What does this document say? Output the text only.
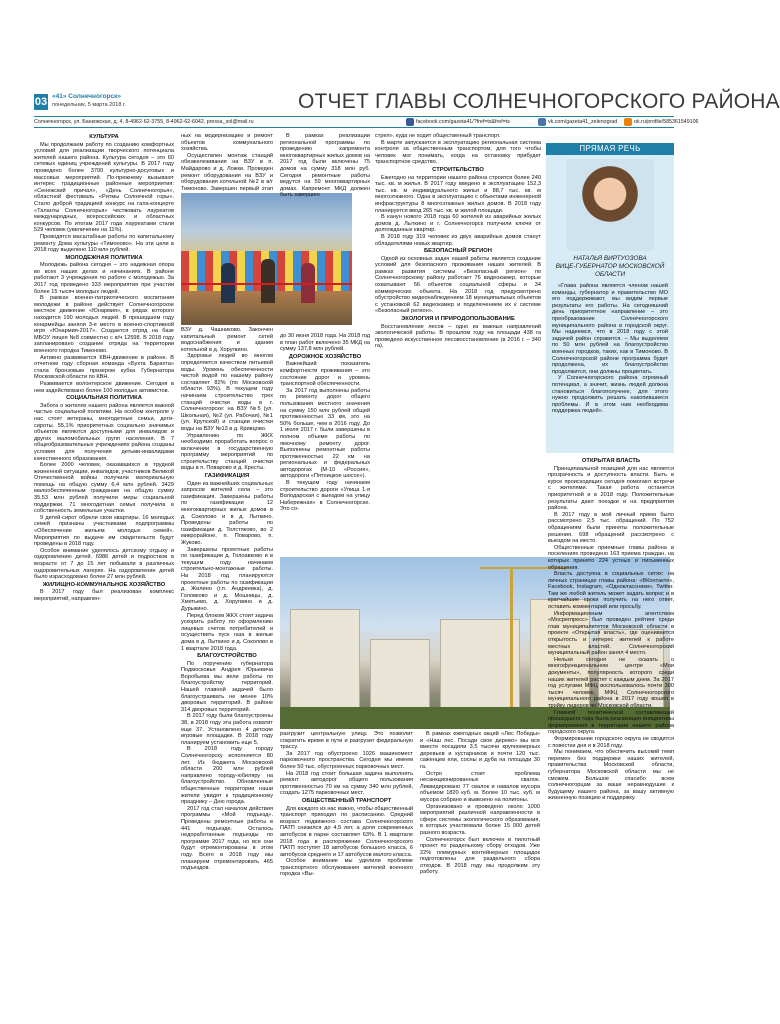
03 «41» Солнечногорск»
понедельник, 5 марта 2018 г.	ОТЧЕТ ГЛАВЫ СОЛНЕЧНОГОРСКОГО РАЙОНА
Солнечногорск, ул. Банковская, д. 4, 8-4962-62-3755, 8-4962-62-6042, pressa_sol@mail.ru	facebook.com/gazeta41/?fref=ts&fref=ts	vk.com/gazeta41_zelenograd	ok.ru/profile/585361549106
КУЛЬТУРА

Мы продолжаем работу по созданию комфортных условий для реализации творческого потенциала жителей нашего района. Культура сегодня – это 60 сетевых единиц учреждений культуры. В 2017 году проведено более 3700 культурно-досуговых и массовых мероприятий. По-прежнему вызывают интерес традиционные районные мероприятия: «Сенежский причал», «День Солнечногорья», областной фестиваль «Ритмы Солнечной горы». Стало доброй традицией конкурс на гала-концерте «Таланты Солнечногорья» чествовать лауреатов международных, всероссийских и областных конкурсов. По итогам 2017 года лауреатами стали 529 человек (увеличение на 11%).

Проводятся масштабные работы по капитальному ремонту Дома культуры «Тимоново». На эти цели в 2018 году выделено 110 млн рублей.

МОЛОДЕЖНАЯ ПОЛИТИКА

Молодежь района сегодня – это надежная опора во всех наших делах и начинаниях. В районе работают 3 учреждения по работе с молодежью. За 2017 год проведено 333 мероприятия при участии более 15 тысяч молодых людей.

В рамках военно-патриотического воспитания молодежи в районе действует Солнечногорское местное движение «Юнармия», в рядах которого находится 190 молодых людей. В прошедшем году юнармейцы заняли 3-е место в военно-спортивной игре «Юнармия-2017». Создается отряд на базе МБОУ лицея №8 совместно с в/ч 12598. В 2018 году запланировано создание отряда на территории военного городка Тимоново.

Активно развивается КВН-движение в районе. В отчетном году сборная команда «Бухта Барахта» стала бронзовым призером кубка Губернатора Московской области по КВН.

Развивается волонтерское движение. Сегодня в нем задействовано более 100 молодых активистов.

СОЦИАЛЬНАЯ ПОЛИТИКА

Забота о жителях нашего района является важной частью социальной политики. На особом контроле у нас стоят ветераны, многодетные семьи, дети-сироты. 55,1% приоритетных социально значимых объектов являются доступными для инвалидов и других маломобильных групп населения. В 7 общеобразовательных учреждениях района созданы условия для получения детьми-инвалидами качественного образования.

Более 2000 человек, оказавшихся в трудной жизненной ситуации, инвалидов, участников Великой Отечественной войны получили материальную помощь на общую сумму 6,4 млн рублей. 3429 малообеспеченным гражданам на общую сумму 35,53 млн рублей получили меры социальной поддержки. 71 многодетная семья получила в собственность земельные участки.

9 детей-сирот обрели свои квартиры. 16 молодых семей признаны участниками подпрограммы «Обеспечение жильем молодых семей». Мероприятия по выдаче им свидетельств будут проведены в 2018 году.

Особое внимание уделялось детскому отдыху и оздоровлению детей. 6986 детей и подростков в возрасте от 7 до 15 лет побывали в различных оздоровительных лагерях. На оздоровление детей было израсходовано более 27 млн рублей.

ЖИЛИЩНО-КОММУНАЛЬНОЕ ХОЗЯЙСТВО

В 2017 году был реализован комплекс мероприятий, направлен-

ных на модернизацию и ремонт объектов коммунального хозяйства.

Осуществлен монтаж станций обезжелезивания на ВЗУ в п. Майдарово и д. Ложки. Проведен ремонт оборудования на ВЗУ и оборудования котельной №2 в в/г Тимоново. Завершен первый этап

ВЗУ д. Чашниково. Закончен капитальный ремонт сетей водоснабжения и здания котельной в д. Хоругвино.

Здоровье людей во многом определяется качеством питьевой воды. Уровень обеспеченности чистой водой по нашему району составляет 82% (по Московской области 93%). В текущем году начинаем строительство трех станций очистки воды в г. Солнечногорске: на ВЗУ №5 (ул. Школьная), №2 (ул. Рабочая), №1 (ул. Крупской) и станции очистки воды на ВЗУ №13 в д. Кривцово.

Управлению по ЖКХ необходимо проработать вопрос о включении в государственную программу мероприятий по строительству станций очистки воды в п. Поварово и д. Кресты.

ГАЗИФИКАЦИЯ

Один из важнейших социальных запросов жителей села – это газификация. Завершены работы по газификации 12 многоквартирных жилых домов в д. Соколово и в д. Лыткино. Проведены работы по газификации д. Толстяково, во 2 микрорайоне, п. Поварово, п. Жуково.

Завершены проектные работы по газификации д. Голоавково и в текущем году начинаем строительно-монтажные работы. На 2018 год планируются проектные работы по газификации д. Жилино (г.п. Андреевка), д. Головково и д. Мошницы, д. Хметьево, д. Хоругвино и д. Дурыкино.

Перед блоком ЖКХ стоит задача ускорить работу по оформлению лицевых счетов потребителей и осуществить пуск газа в жилые дома в д. Лыткино и д. Соколово в 1 квартале 2018 года.

БЛАГОУСТРОЙСТВО

По поручению губернатора Подмосковья Андрея Юрьевича Воробьева мы вели работы по благоустройству территорий. Нашей главной задачей было благоустраивать не менее 10% дворовых территорий. В районе 314 дворовых территорий.

В 2017 году были благоустроены 38, в 2018 году эта работа охватит еще 37. Установлено 4 детские игровые площадки. В 2018 году планируем установить еще 5.

В 2018 году городу Солнечногорску исполняется 80 лет. Из бюджета Московской области 200 млн рублей направлено городу-юбиляру на благоустройство. Обновленные общественные территории наши жители увидят к традиционному празднику – Дню города.

2017 год стал началом действия программы «Мой подъезд». Проведены ремонтные работы в 441 подъезде. Осталось недоработанные подъезды по программе 2017 года, но все они будут отремонтированы в этом году. Всего в 2018 году мы планируем отремонтировать 465 подъездов.

В рамках реализации региональной программы по проведению капремонта многоквартирных жилых домов на 2017 год были включены 75 домов на сумму 318 млн руб. Сегодня ремонтные работы ведутся на 59 многоквартирных домах. Капремонт МКД должен быть завершен

до 30 июня 2018 года. На 2018 год в план работ включено 35 МКД на сумму 137,8 млн рублей.

ДОРОЖНОЕ ХОЗЯЙСТВО

Важнейший показатель комфортности проживания – это состояние дорог и уровень транспортной обеспеченности.

За 2017 год выполнены работы по ремонту дорог общего пользования местного значения на сумму 150 млн рублей общей протяженностью 33 км, это на 50% больше, чем в 2016 году. До 1 июля 2017 г. были завершены в полном объеме работы по ямочному ремонту дорог. Выполнены ремонтные работы протяженностью 22 км на региональных и федеральных автодорогах (М-10 «Россия», автодороги «Пятницкое шоссе»).

В текущем году начинаем строительство дороги «Улица 1-я Володарская с выездом на улицу Набережная» в Солнечногорске. Это со-

стрел», куда не ходит общественный транспорт.

В марте запускается в эксплуатацию региональная система контроля за общественным транспортом, для того чтобы человек мог понимать, когда на остановку прибудет транспортное средство.

СТРОИТЕЛЬСТВО

Ежегодно на территории нашего района строится более 240 тыс. кв. м жилья. В 2017 году введено в эксплуатацию 152,3 тыс. кв. м индивидуального жилья и 88,7 тыс. кв. м многоэтажного. Одна в эксплуатацию с объектами инженерной инфраструктуры 8 многоэтажных жилых домов. В 2018 году планируется ввод 265 тыс. кв. м жилой площади.

В канун нового 2018 года 60 жителей из аварийных жилых домов д. Лыткино и г. Солнечногорск получили ключи от долгожданных квартир.

В 2018 году 319 человек из двух аварийных домов станут обладателями новых квартир.

БЕЗОПАСНЫЙ РЕГИОН

Одной из основных задач нашей работы является создание условий для безопасного проживания наших жителей. В рамках развития системы «Безопасный регион» по Солнечногорскому району работает 76 видеокамер, которые охватывают 56 объектов социальной сферы и 34 коммерческих объекта. На 2018 год предусмотрено обустройство видеонаблюдением 18 муниципальных объектов с установкой 62 видеокамер и подключением их к системе «Безопасный регион».

ЭКОЛОГИЯ И ПРИРОДОПОЛЬЗОВАНИЕ

Восстановление лесов – одно из важных направлений экологической работы. В прошлом году на площади 438 га проведено искусственное лесовосстановление (в 2016 г. – 340 га).

ПРЯМАЯ РЕЧЬ
НАТАЛЬЯ ВИРТУОЗОВА
ВИЦЕ-ГУБЕРНАТОР МОСКОВСКОЙ ОБЛАСТИ

«Глава района является членом нашей команды, губернатор и правительство МО его поддерживают, мы видим первые результаты его работы. На сегодняшний день приоритетное направление – это преобразование Солнечногорского муниципального района в городской округ. Мы надеемся, что в 2018 году с этой задачей район справится. – Мы выделяем по 50 млн рублей на благоустройство военных городков, таких, как в Тимоново. В Солнечногорской районе программа будет продолжена, их благоустройство продолжится, они должны процветать.

У Солнечногорского района огромный потенциал, а значит, жизнь людей должна становиться благополучнее, для этого нужно продолжить решать накопившиеся проблемы. И в этом нам необходима поддержка людей».

разгрузит центральную улицу. Это позволит сократить время в пути и разгрузит федеральную трассу.

За 2017 год обустроено 1026 машиномест парковочного пространства. Сегодня мы имеем более 50 тыс. обустроенных парковочных мест.

На 2018 год стоит большая задача выполнить ремонт автодорог общего пользования протяженностью 70 км на сумму 340 млн рублей, создать 1275 парковочных мест.

ОБЩЕСТВЕННЫЙ ТРАНСПОРТ

Для каждого из нас важно, чтобы общественный транспорт приходил по расписанию. Средний возраст подвижного состава Солнечногорского ПАТП снизился до 4,5 лет, а доля современных автобусов в парке составляет 63%. В 1 квартале 2018 года в распоряжение Солнечногорского ПАТП поступят 18 автобусов большого класса, 6 автобусов среднего и 17 автобусов малого класса.

Особое внимание мы уделили проблеме транспортного обслуживания жителей военного городка «Вы-

В рамках ежегодных акций «Лес Победы» и «Наш лес. Посади свое дерево» мы все вместе посадили 3,5 тысячи крупномерных деревьев и кустарников и почти 120 тыс. саженцев ели, сосны и дуба на площади 30 га.

Остро стоит проблема несанкционированных свалок. Ликвидировано 77 свалок и навалов мусора объемом 1820 куб. м. Более 10 тыс. куб. м мусора собрано и вывезено на полигоны.

Организовано и проведено около 1000 мероприятий различной направленности в сфере системы экологического образования, в которых участвовали более 15 000 детей разного возраста.

Солнечногорск был включен в пилотный проект по раздельному сбору отходов. Уже 22% плимурных контейнерных площадок подготовлены для раздельного сбора отходов. В 2018 году мы продолжим эту работу.

ОТКРЫТАЯ ВЛАСТЬ

Принципиальной позицией для нас является прозрачность и доступность власти. Быть в курсе происходящих сегодня помогают встречи с жителями. Такая работа останется приоритетной и в 2018 году. Положительные результаты дают поездки и на предприятия района.

В 2017 году в мой личный прием было рассмотрено 2,5 тыс. обращений. По 752 обращениям были приняты положительные решения. 698 обращений рассмотрено с выездом на место.

Общественные приемные главы района в поселениях проведено 163 приема граждан, на которых принято 224 устных и письменных обращения.

Власть доступна в социальных сетях: на личных страницах главы района: «ВКонтакте», Facebook, Instagram, «Одноклассники», Twitter. Там же любой житель может задать вопрос и в кратчайшие сроки получить на него ответ, оставить комментарий или просьбу.

Информационным агентством «Мосрегпресс» был проведен рейтинг среди глав муниципалитетов Московской области в проекте «Открытая власть», где оценивается открытость и интерес жителей к работе местных властей. Солнечногорский муниципальный район занял 4 место.

Нельзя сегодня не сказать о многофункциональном центре «Мои документы», популярность которого среди наших жителей растет с каждым днем. За 2017 год услугами МФЦ воспользовалось почти 300 тысяч человек. МФЦ Солнечногорского муниципального района в 2017 году вошел в тройку лидеров по Московской области.

Главной политической составляющей прошедшего года была реализация инициативы формирования в территории нашего района городского округа.

Формирование городского округа не сводится с повестки дня и в 2018 году.

Мы понимаем, что обеспечить высокий темп перемен без поддержки наших жителей, правительства Московской области, губернатора Московской области мы не сможем. Большое спасибо всем солнечногорцам за ваше неравнодушие к будущему нашего района, за вашу активную жизненную позицию и поддержку.
